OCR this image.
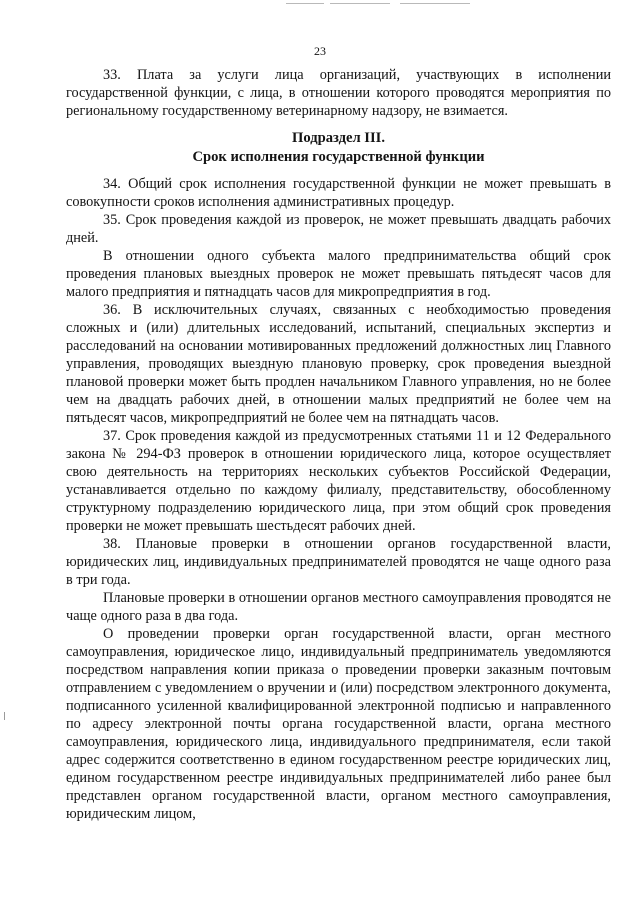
23

33. Плата за услуги лица организаций, участвующих в исполнении государственной функции, с лица, в отношении которого проводятся мероприятия по региональному государственному ветеринарному надзору, не взимается.

Подраздел III.
Срок исполнения государственной функции

34. Общий срок исполнения государственной функции не может превышать в совокупности сроков исполнения административных процедур.

35. Срок проведения каждой из проверок, не может превышать двадцать рабочих дней.

В отношении одного субъекта малого предпринимательства общий срок проведения плановых выездных проверок не может превышать пятьдесят часов для малого предприятия и пятнадцать часов для микропредприятия в год.

36. В исключительных случаях, связанных с необходимостью проведения сложных и (или) длительных исследований, испытаний, специальных экспертиз и расследований на основании мотивированных предложений должностных лиц Главного управления, проводящих выездную плановую проверку, срок проведения выездной плановой проверки может быть продлен начальником Главного управления, но не более чем на двадцать рабочих дней, в отношении малых предприятий не более чем на пятьдесят часов, микропредприятий не более чем на пятнадцать часов.

37. Срок проведения каждой из предусмотренных статьями 11 и 12 Федерального закона № 294-ФЗ проверок в отношении юридического лица, которое осуществляет свою деятельность на территориях нескольких субъектов Российской Федерации, устанавливается отдельно по каждому филиалу, представительству, обособленному структурному подразделению юридического лица, при этом общий срок проведения проверки не может превышать шестьдесят рабочих дней.

38. Плановые проверки в отношении органов государственной власти, юридических лиц, индивидуальных предпринимателей проводятся не чаще одного раза в три года.

Плановые проверки в отношении органов местного самоуправления проводятся не чаще одного раза в два года.

О проведении проверки орган государственной власти, орган местного самоуправления, юридическое лицо, индивидуальный предприниматель уведомляются посредством направления копии приказа о проведении проверки заказным почтовым отправлением с уведомлением о вручении и (или) посредством электронного документа, подписанного усиленной квалифицированной электронной подписью и направленного по адресу электронной почты органа государственной власти, органа местного самоуправления, юридического лица, индивидуального предпринимателя, если такой адрес содержится соответственно в едином государственном реестре юридических лиц, едином государственном реестре индивидуальных предпринимателей либо ранее был представлен органом государственной власти, органом местного самоуправления, юридическим лицом,
